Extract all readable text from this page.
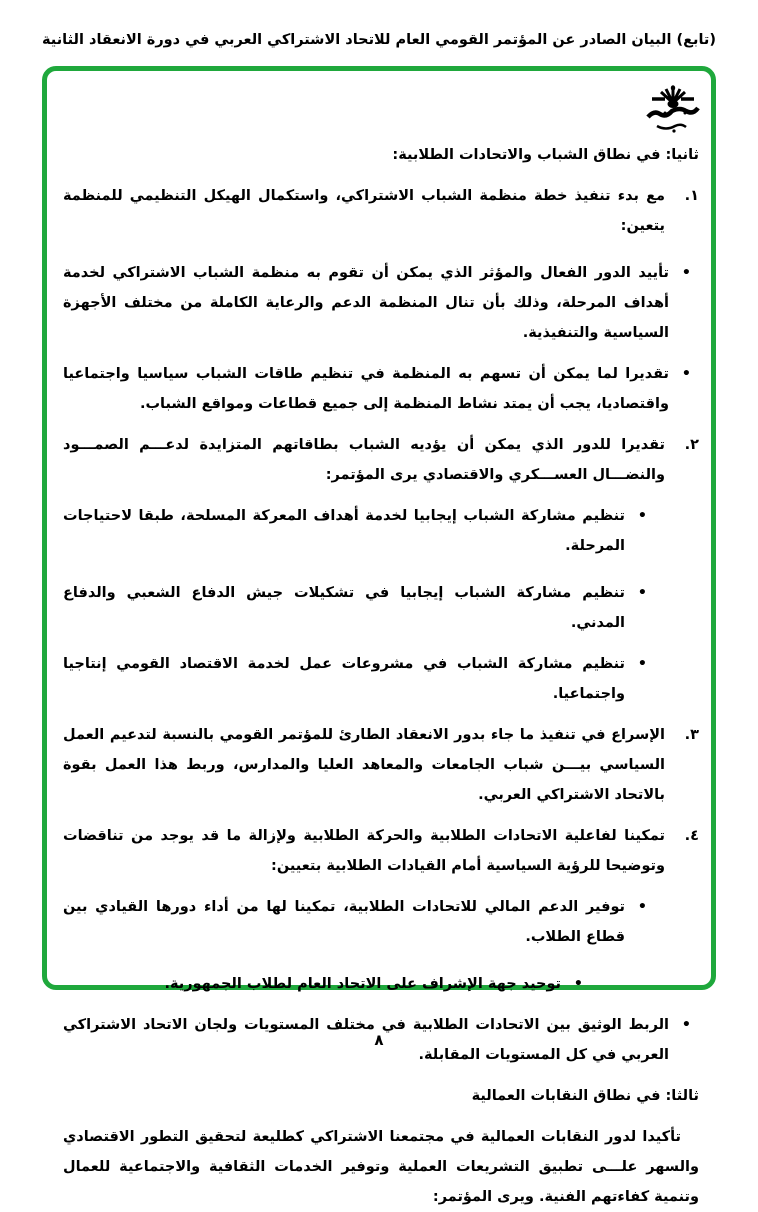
(تابع) البيان الصادر عن المؤتمر القومي العام للاتحاد الاشتراكي العربي في دورة الانعقاد الثانية
ثانيا: في نطاق الشباب والاتحادات الطلابية:
١.
مع بدء تنفيذ خطة منظمة الشباب الاشتراكي، واستكمال الهيكل التنظيمي للمنظمة يتعين:
•
تأييد الدور الفعال والمؤثر الذي يمكن أن تقوم به منظمة الشباب الاشتراكي لخدمة أهداف المرحلة، وذلك بأن تنال المنظمة الدعم والرعاية الكاملة من مختلف الأجهزة السياسية والتنفيذية.
•
تقديرا لما يمكن أن تسهم به المنظمة في تنظيم طاقات الشباب سياسيا واجتماعيا واقتصاديا، يجب أن يمتد نشاط المنظمة إلى جميع قطاعات ومواقع الشباب.
٢.
تقديرا للدور الذي يمكن أن يؤديه الشباب بطاقاتهم المتزايدة لدعـــم الصمـــود والنضـــال العســـكري والاقتصادي يرى المؤتمر:
•
تنظيم مشاركة الشباب إيجابيا لخدمة أهداف المعركة المسلحة، طبقا لاحتياجات المرحلة.
•
تنظيم مشاركة الشباب إيجابيا في تشكيلات جيش الدفاع الشعبي والدفاع المدني.
•
تنظيم مشاركة الشباب في مشروعات عمل لخدمة الاقتصاد القومي إنتاجيا واجتماعيا.
٣.
الإسراع في تنفيذ ما جاء بدور الانعقاد الطارئ للمؤتمر القومي بالنسبة لتدعيم العمل السياسي بيـــن شباب الجامعات والمعاهد العليا والمدارس، وربط هذا العمل بقوة بالاتحاد الاشتراكي العربي.
٤.
تمكينا لفاعلية الاتحادات الطلابية والحركة الطلابية ولإزالة ما قد يوجد من تناقضات وتوضيحا للرؤية السياسية أمام القيادات الطلابية بتعيين:
•
توفير الدعم المالي للاتحادات الطلابية، تمكينا لها من أداء دورها القيادي بين قطاع الطلاب.
•
توحيد جهة الإشراف على الاتحاد العام لطلاب الجمهورية.
•
الربط الوثيق بين الاتحادات الطلابية في مختلف المستويات ولجان الاتحاد الاشتراكي العربي في كل المستويات المقابلة.
ثالثا: في نطاق النقابات العمالية
تأكيدا لدور النقابات العمالية في مجتمعنا الاشتراكي كطليعة لتحقيق التطور الاقتصادي والسهر علـــى تطبيق التشريعات العملية وتوفير الخدمات الثقافية والاجتماعية للعمال وتنمية كفاءتهم الفنية. ويرى المؤتمر:
٨
